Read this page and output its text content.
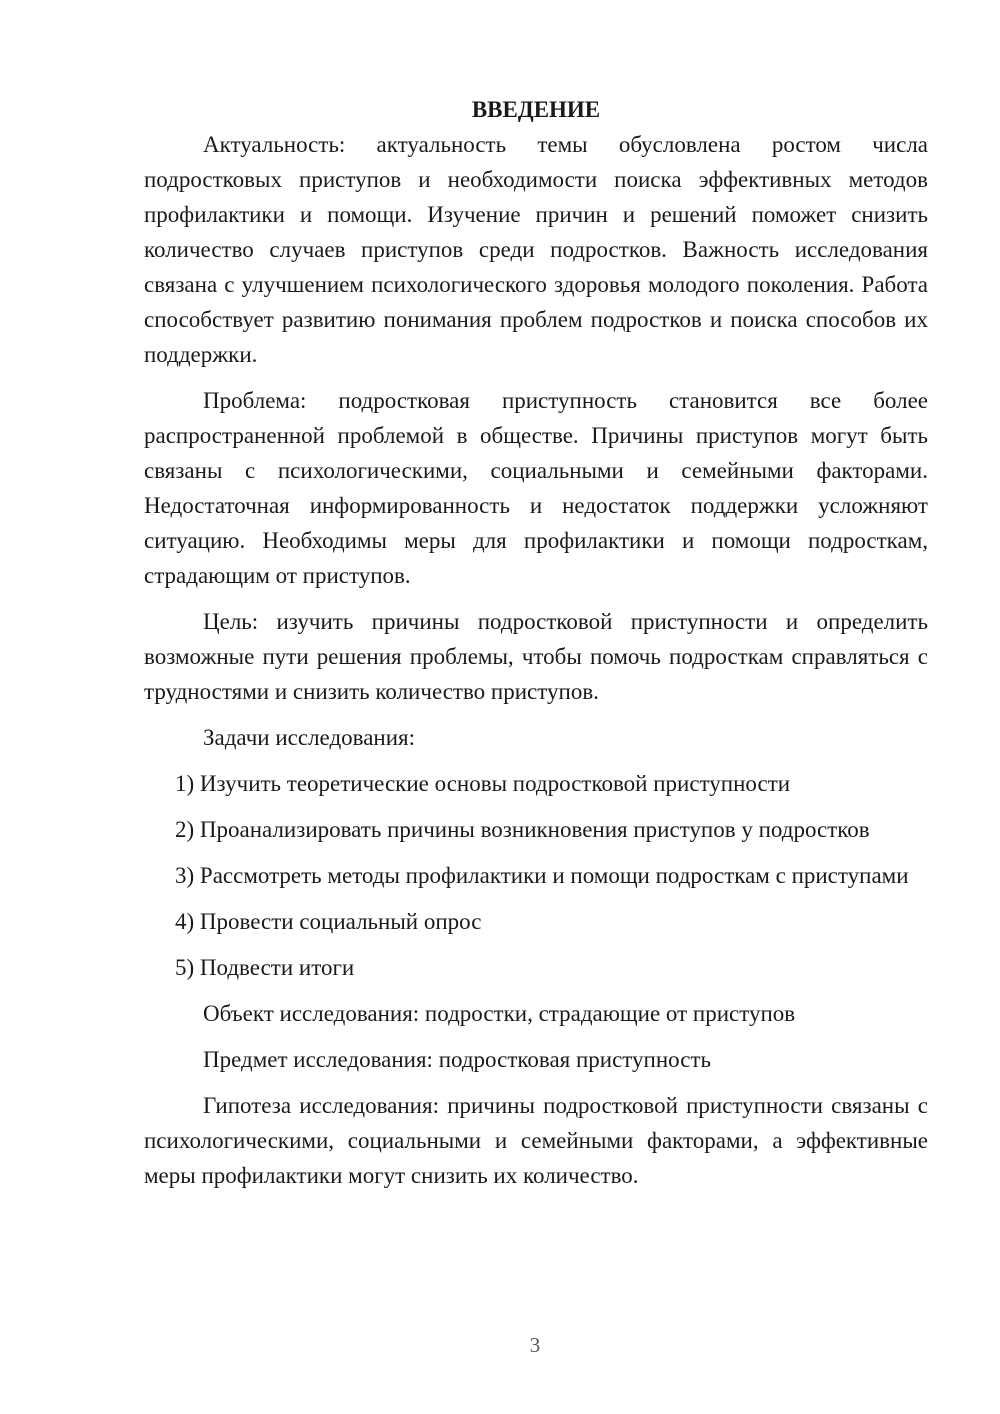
ВВЕДЕНИЕ

Актуальность: актуальность темы обусловлена ростом числа подростковых приступов и необходимости поиска эффективных методов профилактики и помощи. Изучение причин и решений поможет снизить количество случаев приступов среди подростков. Важность исследования связана с улучшением психологического здоровья молодого поколения. Работа способствует развитию понимания проблем подростков и поиска способов их поддержки.

Проблема: подростковая приступность становится все более распространенной проблемой в обществе. Причины приступов могут быть связаны с психологическими, социальными и семейными факторами. Недостаточная информированность и недостаток поддержки усложняют ситуацию. Необходимы меры для профилактики и помощи подросткам, страдающим от приступов.

Цель: изучить причины подростковой приступности и определить возможные пути решения проблемы, чтобы помочь подросткам справляться с трудностями и снизить количество приступов.

Задачи исследования:

1) Изучить теоретические основы подростковой приступности

2) Проанализировать причины возникновения приступов у подростков

3) Рассмотреть методы профилактики и помощи подросткам с приступами

4) Провести социальный опрос

5) Подвести итоги

Объект исследования: подростки, страдающие от приступов

Предмет исследования: подростковая приступность

Гипотеза исследования: причины подростковой приступности связаны с психологическими, социальными и семейными факторами, а эффективные меры профилактики могут снизить их количество.

3
